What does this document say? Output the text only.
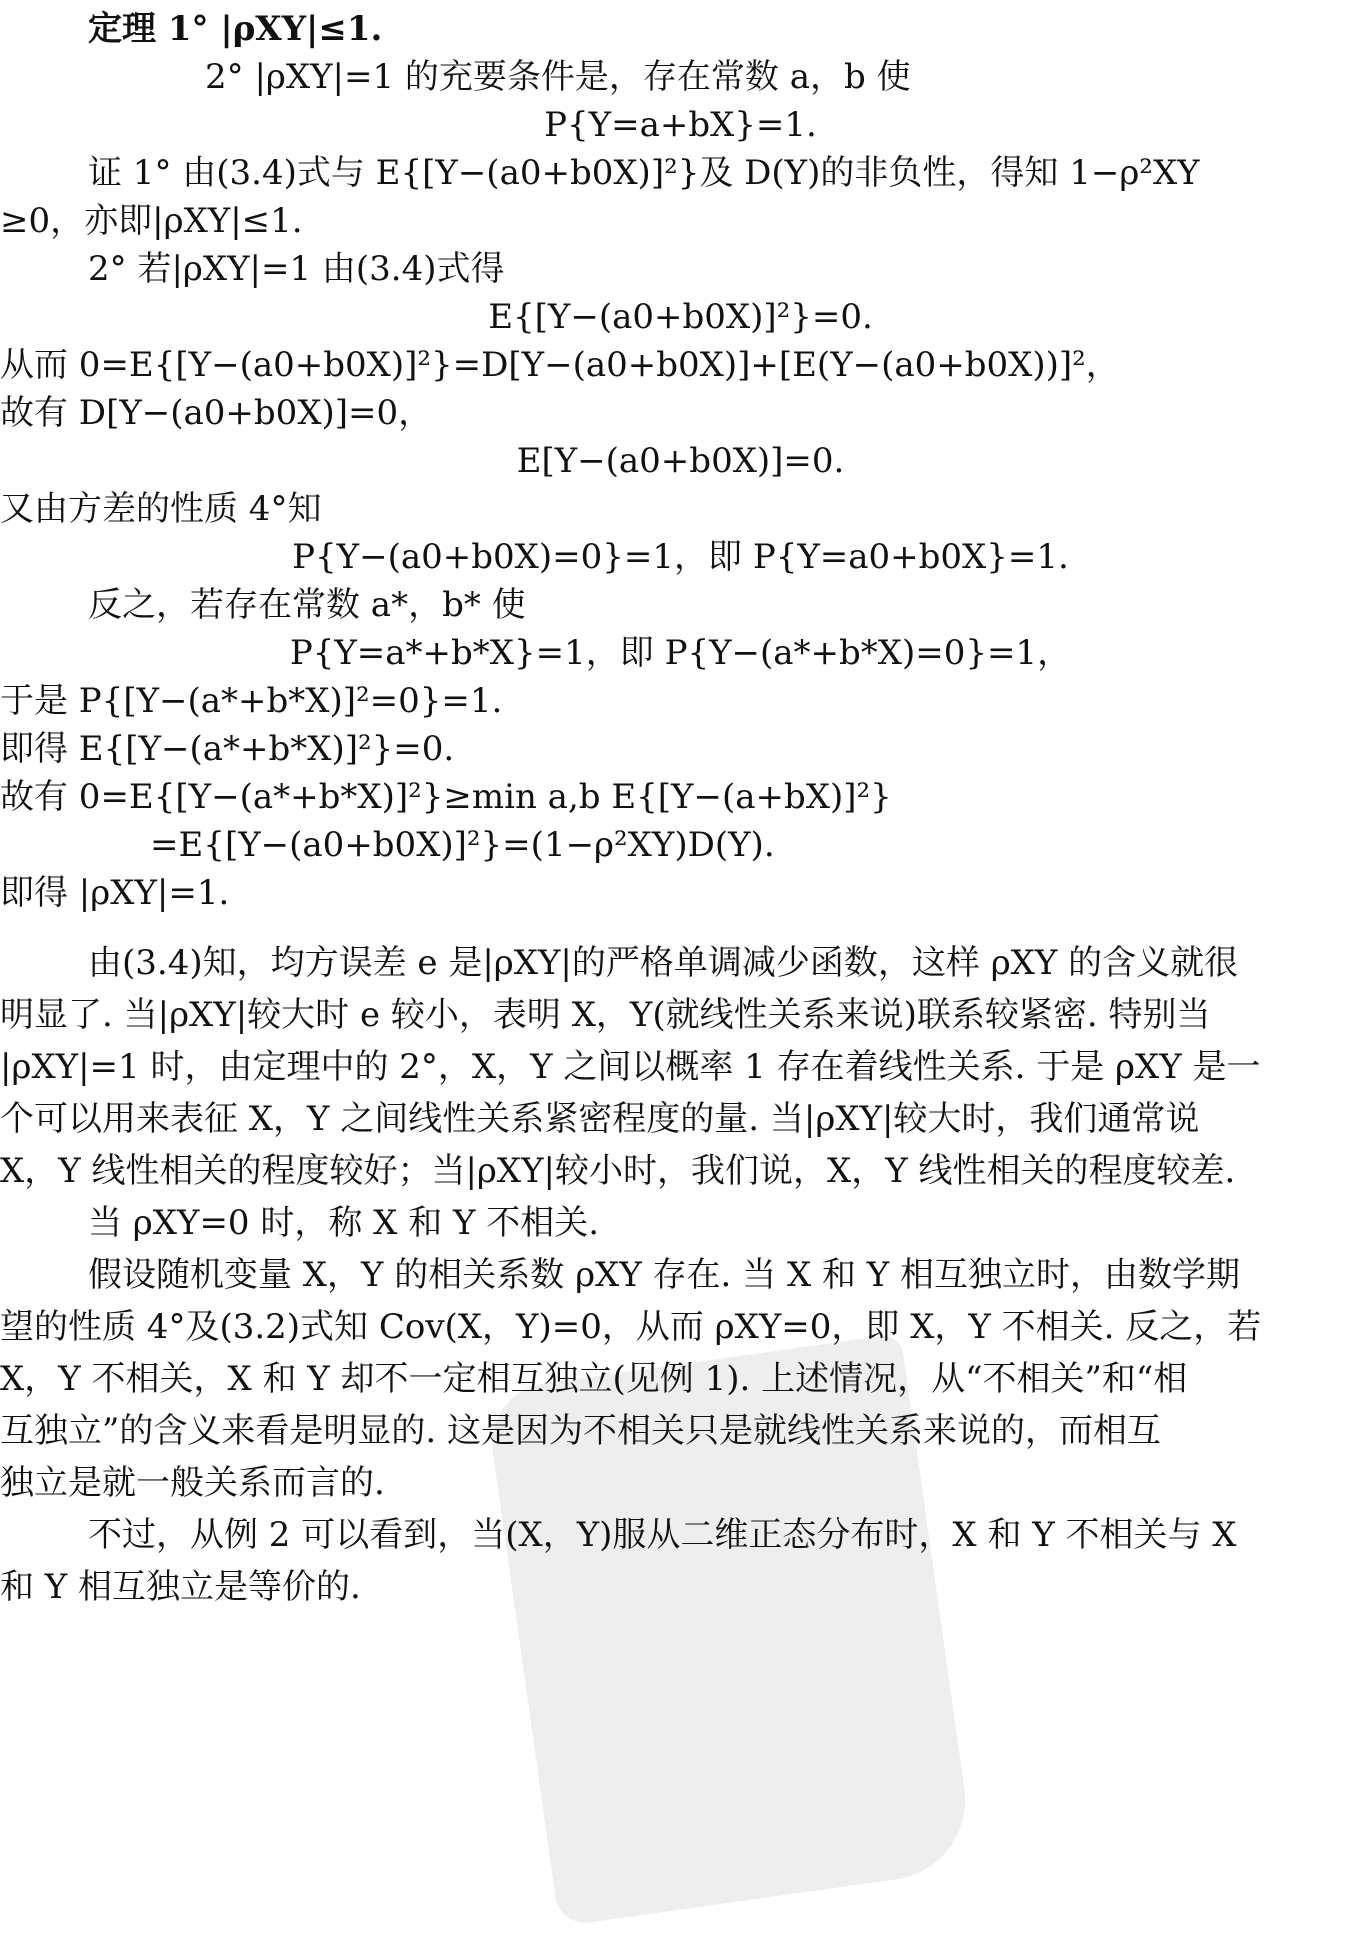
定理 1° |ρXY|≤1.
2° |ρXY|=1 的充要条件是，存在常数 a，b 使
P{Y=a+bX}=1.
证 1° 由(3.4)式与 E{[Y−(a0+b0X)]²}及 D(Y)的非负性，得知 1−ρ²XY
≥0，亦即|ρXY|≤1.
2° 若|ρXY|=1 由(3.4)式得
E{[Y−(a0+b0X)]²}=0.
从而 0=E{[Y−(a0+b0X)]²}=D[Y−(a0+b0X)]+[E(Y−(a0+b0X))]²，
故有 D[Y−(a0+b0X)]=0，
E[Y−(a0+b0X)]=0.
又由方差的性质 4°知
P{Y−(a0+b0X)=0}=1，即 P{Y=a0+b0X}=1.
反之，若存在常数 a*，b* 使
P{Y=a*+b*X}=1，即 P{Y−(a*+b*X)=0}=1，
于是 P{[Y−(a*+b*X)]²=0}=1.
即得 E{[Y−(a*+b*X)]²}=0.
故有 0=E{[Y−(a*+b*X)]²}≥min a,b E{[Y−(a+bX)]²}
=E{[Y−(a0+b0X)]²}=(1−ρ²XY)D(Y).
即得 |ρXY|=1.
由(3.4)知，均方误差 e 是|ρXY|的严格单调减少函数，这样 ρXY 的含义就很
明显了. 当|ρXY|较大时 e 较小，表明 X，Y(就线性关系来说)联系较紧密. 特别当
|ρXY|=1 时，由定理中的 2°，X，Y 之间以概率 1 存在着线性关系. 于是 ρXY 是一
个可以用来表征 X，Y 之间线性关系紧密程度的量. 当|ρXY|较大时，我们通常说
X，Y 线性相关的程度较好；当|ρXY|较小时，我们说，X，Y 线性相关的程度较差.
当 ρXY=0 时，称 X 和 Y 不相关.
假设随机变量 X，Y 的相关系数 ρXY 存在. 当 X 和 Y 相互独立时，由数学期
望的性质 4°及(3.2)式知 Cov(X，Y)=0，从而 ρXY=0，即 X，Y 不相关. 反之，若
X，Y 不相关，X 和 Y 却不一定相互独立(见例 1). 上述情况，从“不相关”和“相
互独立”的含义来看是明显的. 这是因为不相关只是就线性关系来说的，而相互
独立是就一般关系而言的.
不过，从例 2 可以看到，当(X，Y)服从二维正态分布时，X 和 Y 不相关与 X
和 Y 相互独立是等价的.
